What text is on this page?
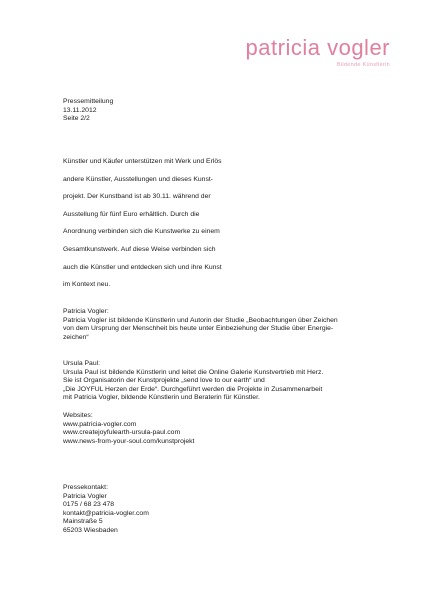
patricia vogler
Bildende Künstlerin
Pressemitteilung
13.11.2012
Seite 2/2
Künstler und Käufer unterstützen mit Werk und Erlös
andere Künstler, Ausstellungen und dieses Kunst-
projekt. Der Kunstband ist ab 30.11. während der
Ausstellung für fünf Euro erhältlich. Durch die
Anordnung verbinden sich die Kunstwerke zu einem
Gesamtkunstwerk. Auf diese Weise verbinden sich
auch die Künstler und entdecken sich und ihre Kunst
im Kontext neu.
Patricia Vogler:
Patricia Vogler ist bildende Künstlerin und Autorin der Studie „Beobachtungen über Zeichen
von dem Ursprung der Menschheit bis heute unter Einbeziehung der Studie über Energie-
zeichen“
Ursula Paul:
Ursula Paul ist bildende Künstlerin und leitet die Online Galerie Kunstvertrieb mit Herz.
Sie ist Organisatorin der Kunstprojekte „send love to our earth“ und
„Die JOYFUL Herzen der Erde“. Durchgeführt werden die Projekte in Zusammenarbeit
mit Patricia Vogler, bildende Künstlerin und Beraterin für Künstler.
Websites:
www.patricia-vogler.com
www.createjoyfulearth-ursula-paul.com
www.news-from-your-soul.com/kunstprojekt
Pressekontakt:
Patricia Vogler
0175 / 68 23 478
kontakt@patricia-vogler.com
Mainstraße 5
65203 Wiesbaden
